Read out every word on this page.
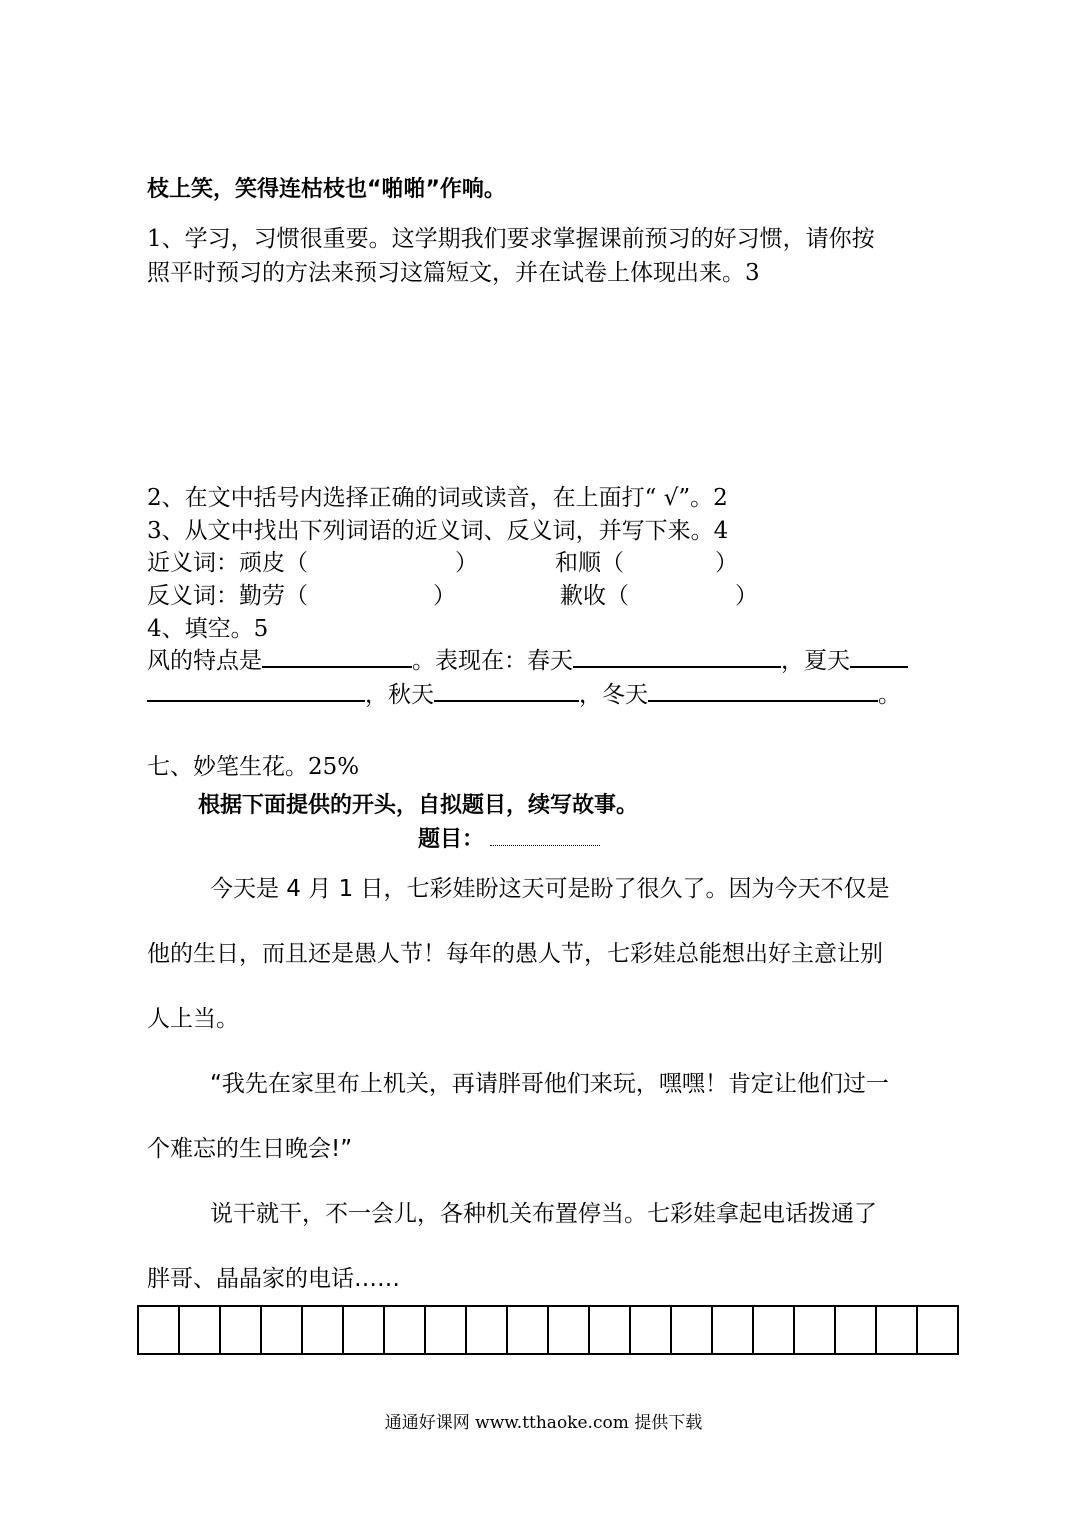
枝上笑，笑得连枯枝也“啪啪”作响。
1、学习，习惯很重要。这学期我们要求掌握课前预习的好习惯，请你按
照平时预习的方法来预习这篇短文，并在试卷上体现出来。3
2、在文中括号内选择正确的词或读音，在上面打“ √”。2
3、从文中找出下列词语的近义词、反义词，并写下来。4
近义词：顽皮（	）	和顺（	）
反义词：勤劳（	）	歉收（	）
4、填空。5
风的特点是	。表现在：春天	，夏天
，秋天	，冬天	。
七、妙笔生花。25%
根据下面提供的开头，自拟题目，续写故事。
题目：
今天是 4 月 1 日，七彩娃盼这天可是盼了很久了。因为今天不仅是
他的生日，而且还是愚人节！每年的愚人节，七彩娃总能想出好主意让别
人上当。
“我先在家里布上机关，再请胖哥他们来玩，嘿嘿！肯定让他们过一
个难忘的生日晚会!”
说干就干，不一会儿，各种机关布置停当。七彩娃拿起电话拨通了
胖哥、晶晶家的电话……
通通好课网 www.tthaoke.com 提供下载
